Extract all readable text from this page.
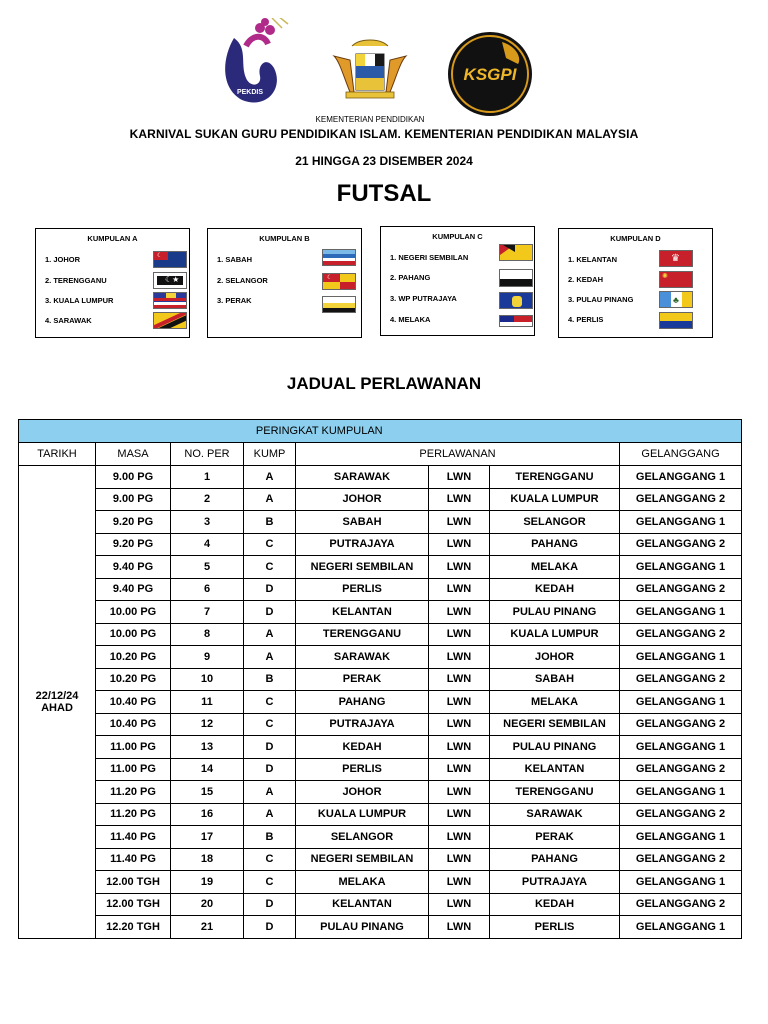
PEKDIS
KEMENTERIAN PENDIDIKAN
KSGPI
KARNIVAL SUKAN GURU PENDIDIKAN ISLAM. KEMENTERIAN PENDIDIKAN MALAYSIA
21 HINGGA 23 DISEMBER 2024
FUTSAL
KUMPULAN A
1. JOHOR
2. TERENGGANU
3. KUALA LUMPUR
4. SARAWAK
☾
☾★
KUMPULAN B
1. SABAH
2. SELANGOR
3. PERAK
☾
KUMPULAN C
1. NEGERI SEMBILAN
2. PAHANG
3. WP PUTRAJAYA
4. MELAKA
KUMPULAN D
1. KELANTAN
2. KEDAH
3. PULAU PINANG
4. PERLIS
♛
✺
♣
JADUAL PERLAWANAN
PERINGKAT KUMPULAN							
TARIKH	MASA	NO. PER	KUMP	PERLAWANAN			GELANGGANG

22/12/24
AHAD	9.00 PG	1	A	SARAWAK	LWN	TERENGGANU	GELANGGANG 1
	9.00 PG	2	A	JOHOR	LWN	KUALA LUMPUR	GELANGGANG 2
	9.20 PG	3	B	SABAH	LWN	SELANGOR	GELANGGANG 1
	9.20 PG	4	C	PUTRAJAYA	LWN	PAHANG	GELANGGANG 2
	9.40 PG	5	C	NEGERI SEMBILAN	LWN	MELAKA	GELANGGANG 1
	9.40 PG	6	D	PERLIS	LWN	KEDAH	GELANGGANG 2
	10.00 PG	7	D	KELANTAN	LWN	PULAU PINANG	GELANGGANG 1
	10.00 PG	8	A	TERENGGANU	LWN	KUALA LUMPUR	GELANGGANG 2
	10.20 PG	9	A	SARAWAK	LWN	JOHOR	GELANGGANG 1
	10.20 PG	10	B	PERAK	LWN	SABAH	GELANGGANG 2
	10.40 PG	11	C	PAHANG	LWN	MELAKA	GELANGGANG 1
	10.40 PG	12	C	PUTRAJAYA	LWN	NEGERI SEMBILAN	GELANGGANG 2
	11.00 PG	13	D	KEDAH	LWN	PULAU PINANG	GELANGGANG 1
	11.00 PG	14	D	PERLIS	LWN	KELANTAN	GELANGGANG 2
	11.20 PG	15	A	JOHOR	LWN	TERENGGANU	GELANGGANG 1
	11.20 PG	16	A	KUALA LUMPUR	LWN	SARAWAK	GELANGGANG 2
	11.40 PG	17	B	SELANGOR	LWN	PERAK	GELANGGANG 1
	11.40 PG	18	C	NEGERI SEMBILAN	LWN	PAHANG	GELANGGANG 2
	12.00 TGH	19	C	MELAKA	LWN	PUTRAJAYA	GELANGGANG 1
	12.00 TGH	20	D	KELANTAN	LWN	KEDAH	GELANGGANG 2
	12.20 TGH	21	D	PULAU PINANG	LWN	PERLIS	GELANGGANG 1
